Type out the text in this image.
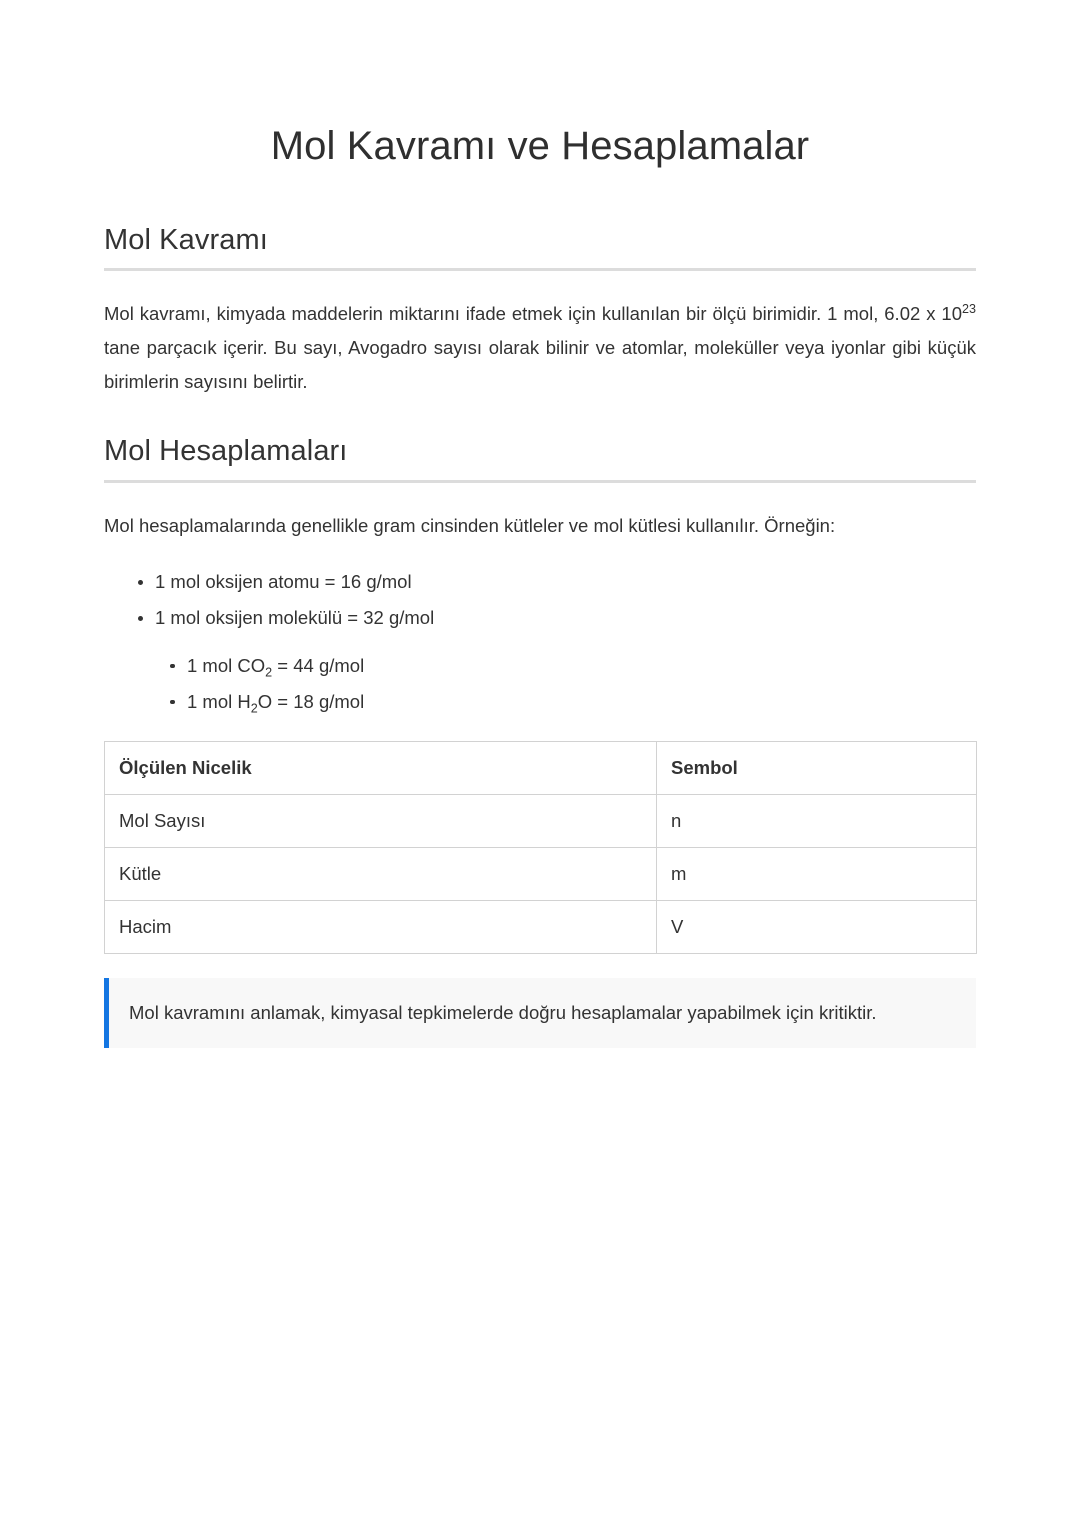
Mol Kavramı ve Hesaplamalar
Mol Kavramı

Mol kavramı, kimyada maddelerin miktarını ifade etmek için kullanılan bir ölçü birimidir. 1 mol, 6.02 x $10^{23}$ tane parçacık içerir. Bu sayı, Avogadro sayısı olarak bilinir ve atomlar, moleküller veya iyonlar gibi küçük birimlerin sayısını belirtir.

Mol Hesaplamaları

Mol hesaplamalarında genellikle gram cinsinden kütleler ve mol kütlesi kullanılır. Örneğin:

1 mol oksijen atomu = 16 g/mol
1 mol oksijen molekülü = 32 g/mol
1 mol $CO_2 = 44$ g/mol
1 mol $H_2O = 18$ g/mol
Ölçülen Nicelik	Sembol
Mol Sayısı	n
Kütle	m
Hacim	V

Mol kavramını anlamak, kimyasal tepkimelerde doğru hesaplamalar yapabilmek için kritiktir.
